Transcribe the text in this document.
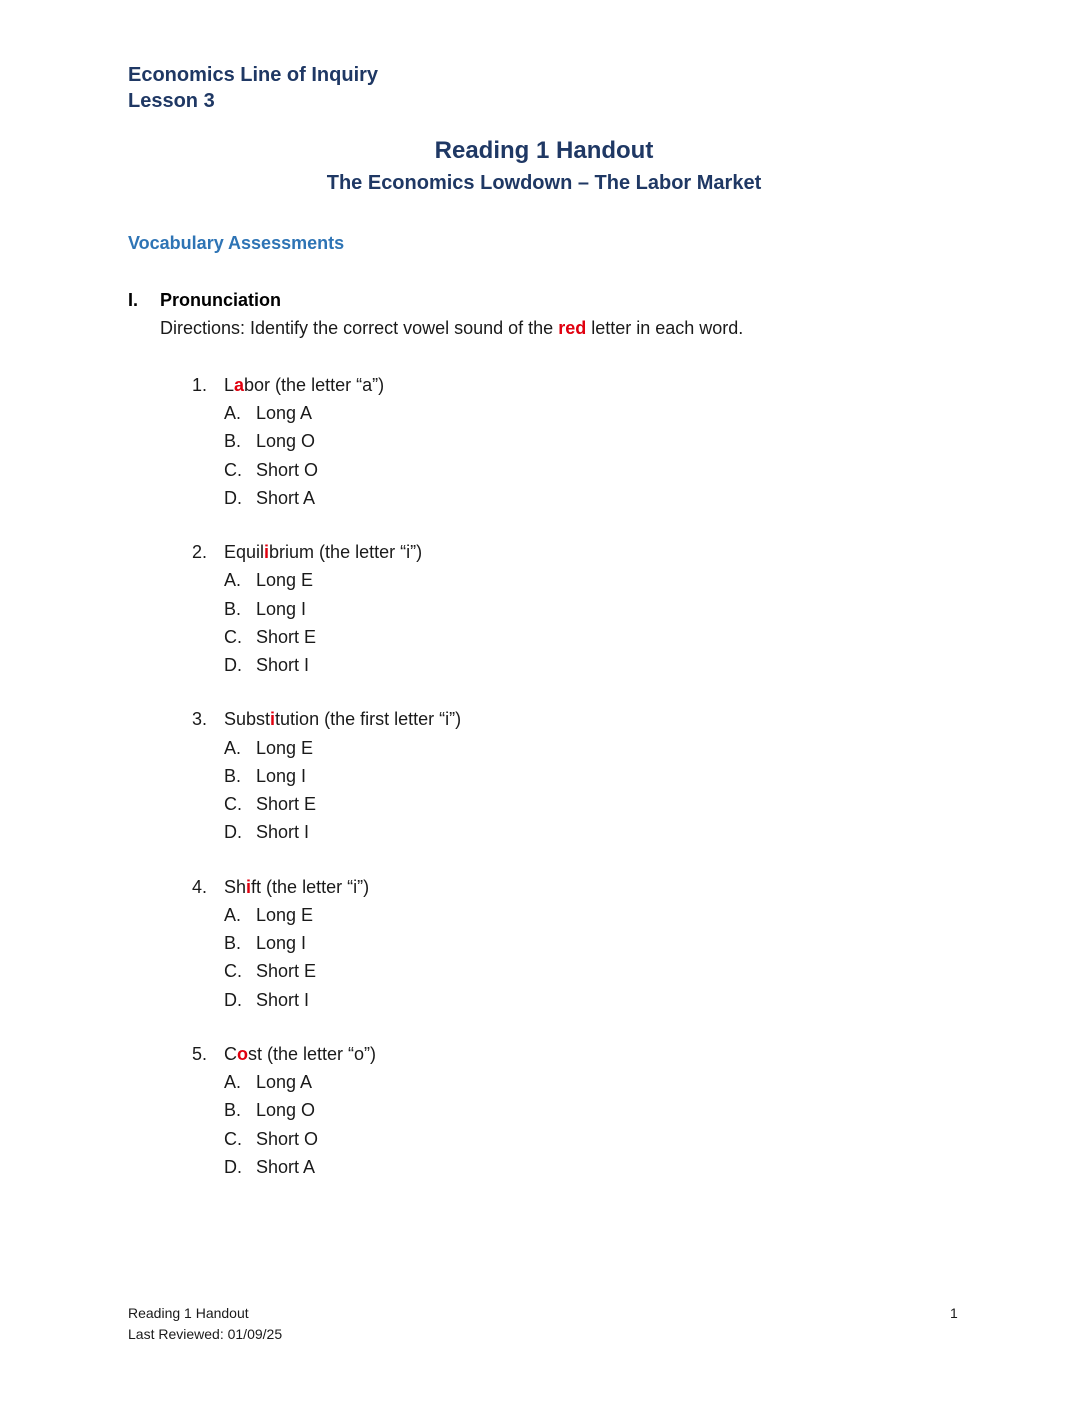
Economics Line of Inquiry
Lesson 3
Reading 1 Handout
The Economics Lowdown – The Labor Market
Vocabulary Assessments
I. Pronunciation
Directions: Identify the correct vowel sound of the red letter in each word.
1. Labor (the letter “a”)
A. Long A
B. Long O
C. Short O
D. Short A
2. Equilibrium (the letter “i”)
A. Long E
B. Long I
C. Short E
D. Short I
3. Substitution (the first letter “i”)
A. Long E
B. Long I
C. Short E
D. Short I
4. Shift (the letter “i”)
A. Long E
B. Long I
C. Short E
D. Short I
5. Cost (the letter “o”)
A. Long A
B. Long O
C. Short O
D. Short A
Reading 1 Handout
Last Reviewed: 01/09/25
1
